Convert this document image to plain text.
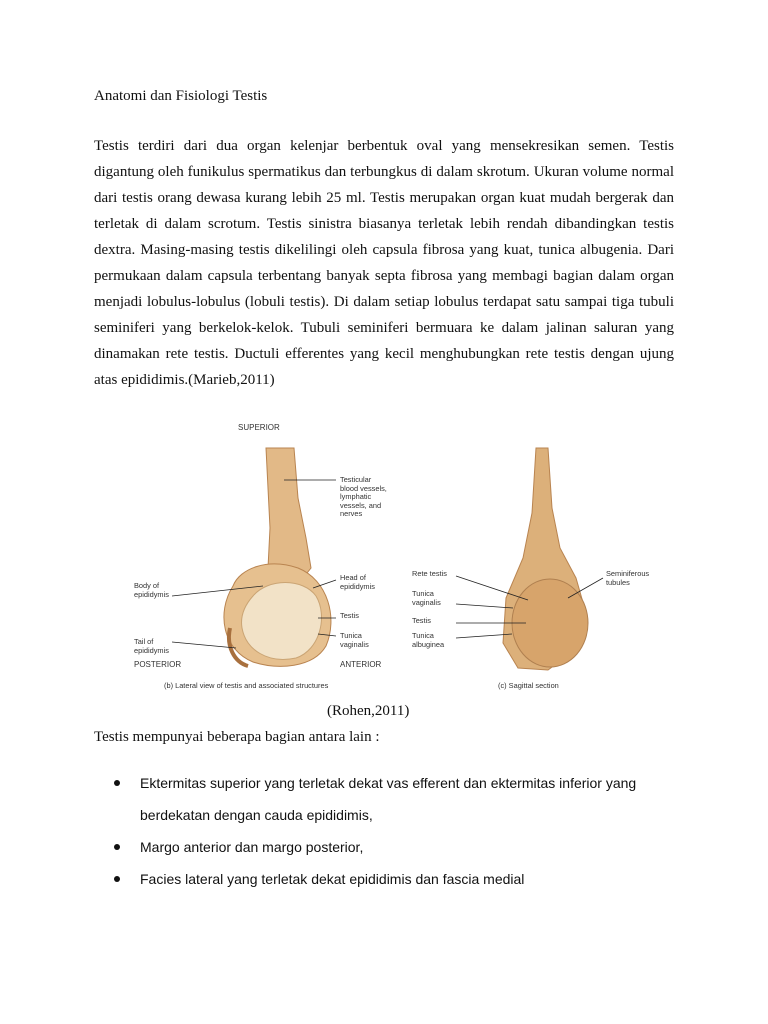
Anatomi dan Fisiologi Testis

Testis terdiri dari dua organ kelenjar berbentuk oval yang mensekresikan semen. Testis digantung oleh funikulus spermatikus dan terbungkus di dalam skrotum. Ukuran volume normal dari testis orang dewasa kurang lebih 25 ml. Testis merupakan organ kuat mudah bergerak dan terletak di dalam scrotum. Testis sinistra biasanya terletak lebih rendah dibandingkan testis dextra. Masing-masing testis dikelilingi oleh capsula fibrosa yang kuat, tunica albugenia. Dari permukaan dalam capsula terbentang banyak septa fibrosa yang membagi bagian dalam organ menjadi lobulus-lobulus (lobuli testis). Di dalam setiap lobulus terdapat satu sampai tiga tubuli seminiferi yang berkelok-kelok. Tubuli seminiferi bermuara ke dalam jalinan saluran yang dinamakan rete testis. Ductuli efferentes yang kecil menghubungkan rete testis dengan ujung atas epididimis.(Marieb,2011)

SUPERIOR
Testicular
blood vessels,
lymphatic
vessels, and
nerves
Body of
epididymis
Head of
epididymis
Testis
Tail of
epididymis
Tunica
vaginalis
POSTERIOR	ANTERIOR
(b) Lateral view of testis and associated structures
Rete testis
Tunica
vaginalis
Testis
Tunica
albuginea
Seminiferous
tubules
(c) Sagittal section
(Rohen,2011)
Testis mempunyai beberapa bagian antara lain :
Ektermitas superior yang terletak dekat vas efferent dan ektermitas inferior yang
berdekatan dengan cauda epididimis,
Margo anterior dan margo posterior,
Facies lateral yang terletak dekat epididimis dan fascia medial
